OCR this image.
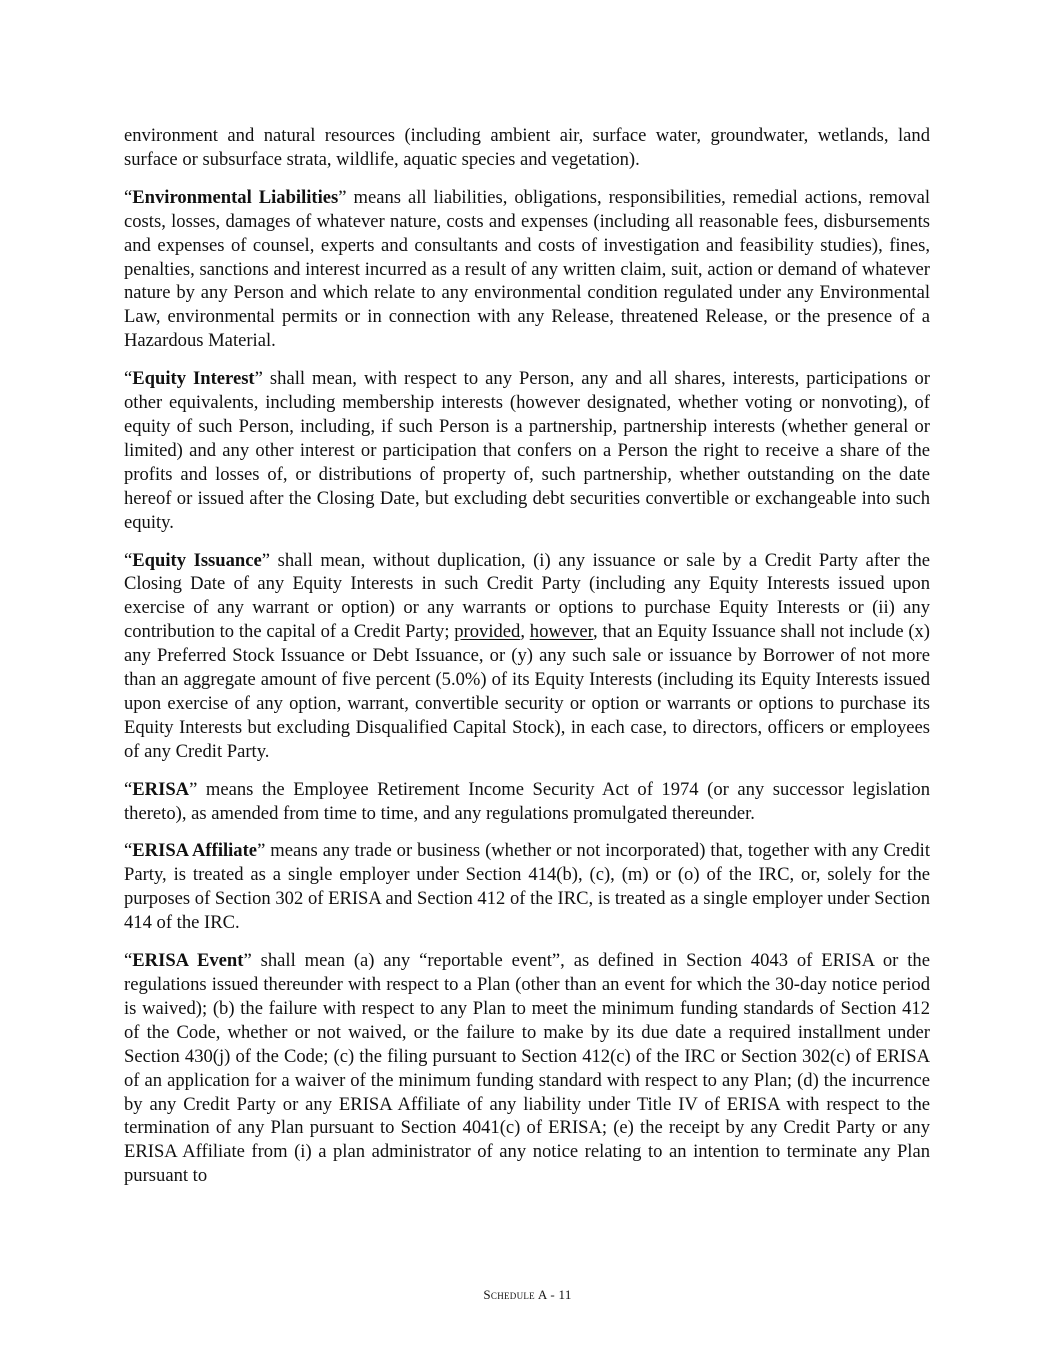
environment and natural resources (including ambient air, surface water, groundwater, wetlands, land surface or subsurface strata, wildlife, aquatic species and vegetation).

“Environmental Liabilities” means all liabilities, obligations, responsibilities, remedial actions, removal costs, losses, damages of whatever nature, costs and expenses (including all reasonable fees, disbursements and expenses of counsel, experts and consultants and costs of investigation and feasibility studies), fines, penalties, sanctions and interest incurred as a result of any written claim, suit, action or demand of whatever nature by any Person and which relate to any environmental condition regulated under any Environmental Law, environmental permits or in connection with any Release, threatened Release, or the presence of a Hazardous Material.

“Equity Interest” shall mean, with respect to any Person, any and all shares, interests, participations or other equivalents, including membership interests (however designated, whether voting or nonvoting), of equity of such Person, including, if such Person is a partnership, partnership interests (whether general or limited) and any other interest or participation that confers on a Person the right to receive a share of the profits and losses of, or distributions of property of, such partnership, whether outstanding on the date hereof or issued after the Closing Date, but excluding debt securities convertible or exchangeable into such equity.

“Equity Issuance” shall mean, without duplication, (i) any issuance or sale by a Credit Party after the Closing Date of any Equity Interests in such Credit Party (including any Equity Interests issued upon exercise of any warrant or option) or any warrants or options to purchase Equity Interests or (ii) any contribution to the capital of a Credit Party; provided, however, that an Equity Issuance shall not include (x) any Preferred Stock Issuance or Debt Issuance, or (y) any such sale or issuance by Borrower of not more than an aggregate amount of five percent (5.0%) of its Equity Interests (including its Equity Interests issued upon exercise of any option, warrant, convertible security or option or warrants or options to purchase its Equity Interests but excluding Disqualified Capital Stock), in each case, to directors, officers or employees of any Credit Party.

“ERISA” means the Employee Retirement Income Security Act of 1974 (or any successor legislation thereto), as amended from time to time, and any regulations promulgated thereunder.

“ERISA Affiliate” means any trade or business (whether or not incorporated) that, together with any Credit Party, is treated as a single employer under Section 414(b), (c), (m) or (o) of the IRC, or, solely for the purposes of Section 302 of ERISA and Section 412 of the IRC, is treated as a single employer under Section 414 of the IRC.

“ERISA Event” shall mean (a) any “reportable event”, as defined in Section 4043 of ERISA or the regulations issued thereunder with respect to a Plan (other than an event for which the 30-day notice period is waived); (b) the failure with respect to any Plan to meet the minimum funding standards of Section 412 of the Code, whether or not waived, or the failure to make by its due date a required installment under Section 430(j) of the Code; (c) the filing pursuant to Section 412(c) of the IRC or Section 302(c) of ERISA of an application for a waiver of the minimum funding standard with respect to any Plan; (d) the incurrence by any Credit Party or any ERISA Affiliate of any liability under Title IV of ERISA with respect to the termination of any Plan pursuant to Section 4041(c) of ERISA; (e) the receipt by any Credit Party or any ERISA Affiliate from (i) a plan administrator of any notice relating to an intention to terminate any Plan pursuant to

Schedule A - 11
